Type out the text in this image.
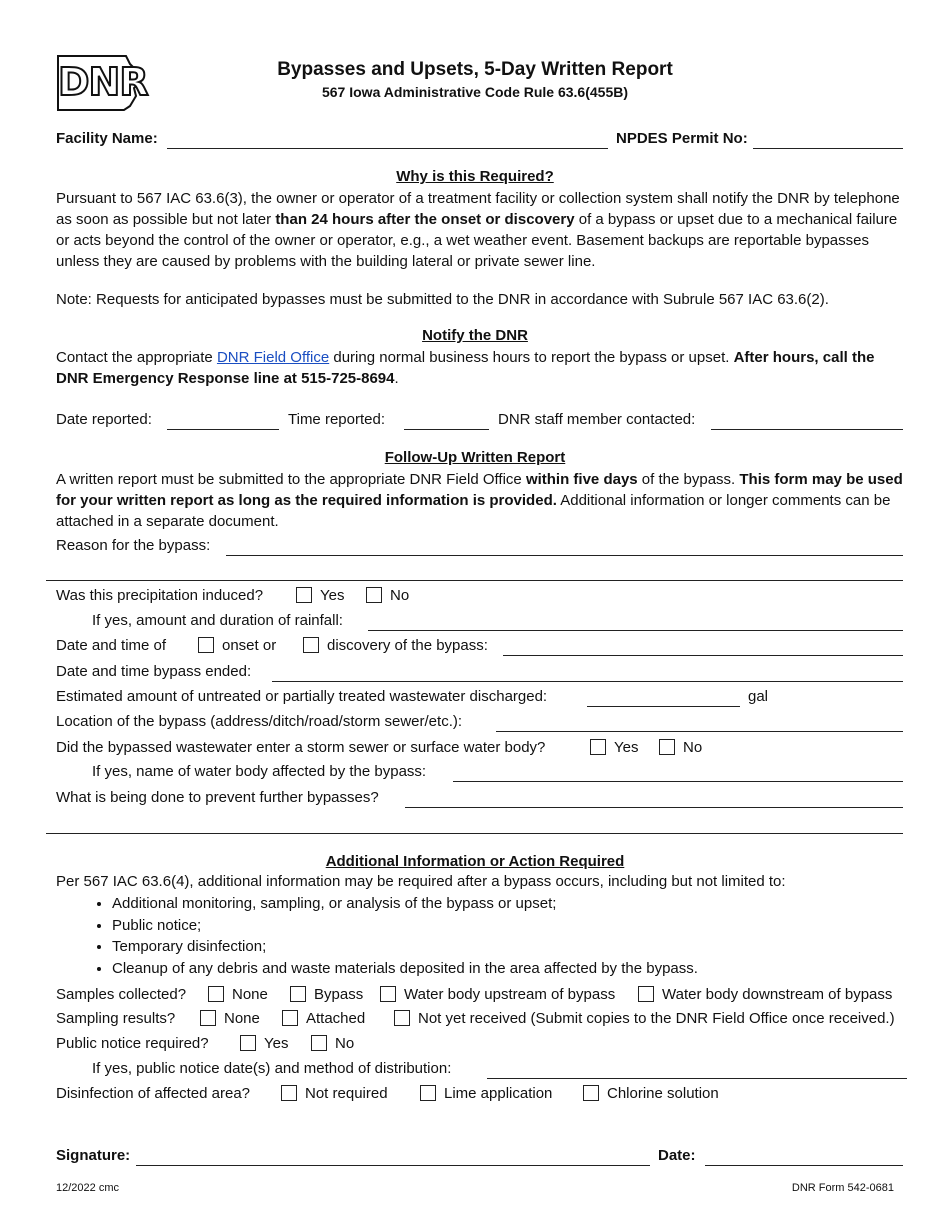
DNR	Bypasses and Upsets, 5-Day Written Report
567 Iowa Administrative Code Rule 63.6(455B)
Facility Name:	NPDES Permit No:
Why is this Required?
Pursuant to 567 IAC 63.6(3), the owner or operator of a treatment facility or collection system shall notify the DNR by telephone as soon as possible but not later than 24 hours after the onset or discovery of a bypass or upset due to a mechanical failure or acts beyond the control of the owner or operator, e.g., a wet weather event. Basement backups are reportable bypasses unless they are caused by problems with the building lateral or private sewer line.
Note: Requests for anticipated bypasses must be submitted to the DNR in accordance with Subrule 567 IAC 63.6(2).
Notify the DNR
Contact the appropriate DNR Field Office during normal business hours to report the bypass or upset. After hours, call the DNR Emergency Response line at 515-725-8694.
Date reported:	Time reported:	DNR staff member contacted:
Follow-Up Written Report
A written report must be submitted to the appropriate DNR Field Office within five days of the bypass. This form may be used for your written report as long as the required information is provided. Additional information or longer comments can be attached in a separate document.
Reason for the bypass:
Was this precipitation induced?	Yes	No
If yes, amount and duration of rainfall:
Date and time of	onset or	discovery of the bypass:
Date and time bypass ended:
Estimated amount of untreated or partially treated wastewater discharged:	gal
Location of the bypass (address/ditch/road/storm sewer/etc.):
Did the bypassed wastewater enter a storm sewer or surface water body?	Yes	No
If yes, name of water body affected by the bypass:
What is being done to prevent further bypasses?
Additional Information or Action Required
Per 567 IAC 63.6(4), additional information may be required after a bypass occurs, including but not limited to:
• Additional monitoring, sampling, or analysis of the bypass or upset;
• Public notice;
• Temporary disinfection;
• Cleanup of any debris and waste materials deposited in the area affected by the bypass.
Samples collected?	None	Bypass	Water body upstream of bypass	Water body downstream of bypass
Sampling results?	None	Attached	Not yet received (Submit copies to the DNR Field Office once received.)
Public notice required?	Yes	No
If yes, public notice date(s) and method of distribution:
Disinfection of affected area?	Not required	Lime application	Chlorine solution
Signature:	Date:
12/2022 cmc	DNR Form 542-0681
